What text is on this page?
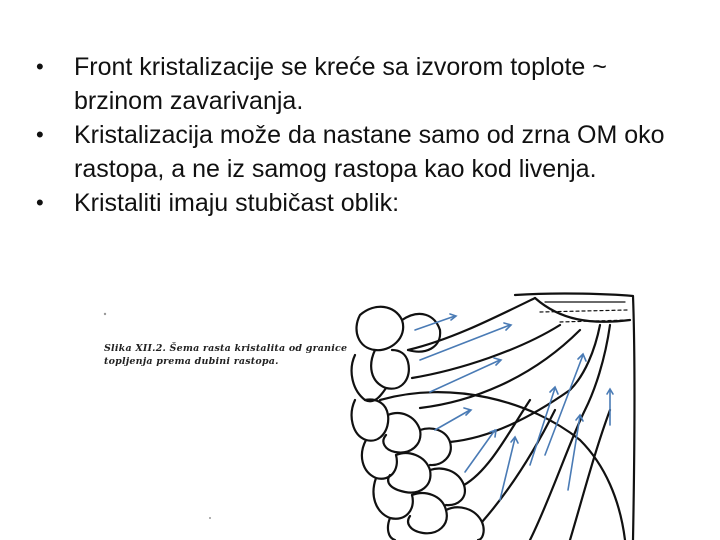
• Front kristalizacije se kreće sa izvorom toplote ~ brzinom zavarivanja.
• Kristalizacija može da nastane samo od zrna OM oko rastopa, a ne iz samog rastopa kao kod livenja.
• Kristaliti imaju stubičast oblik:
Slika XII.2. Šema rasta kristalita od granice topljenja prema dubini rastopa.
